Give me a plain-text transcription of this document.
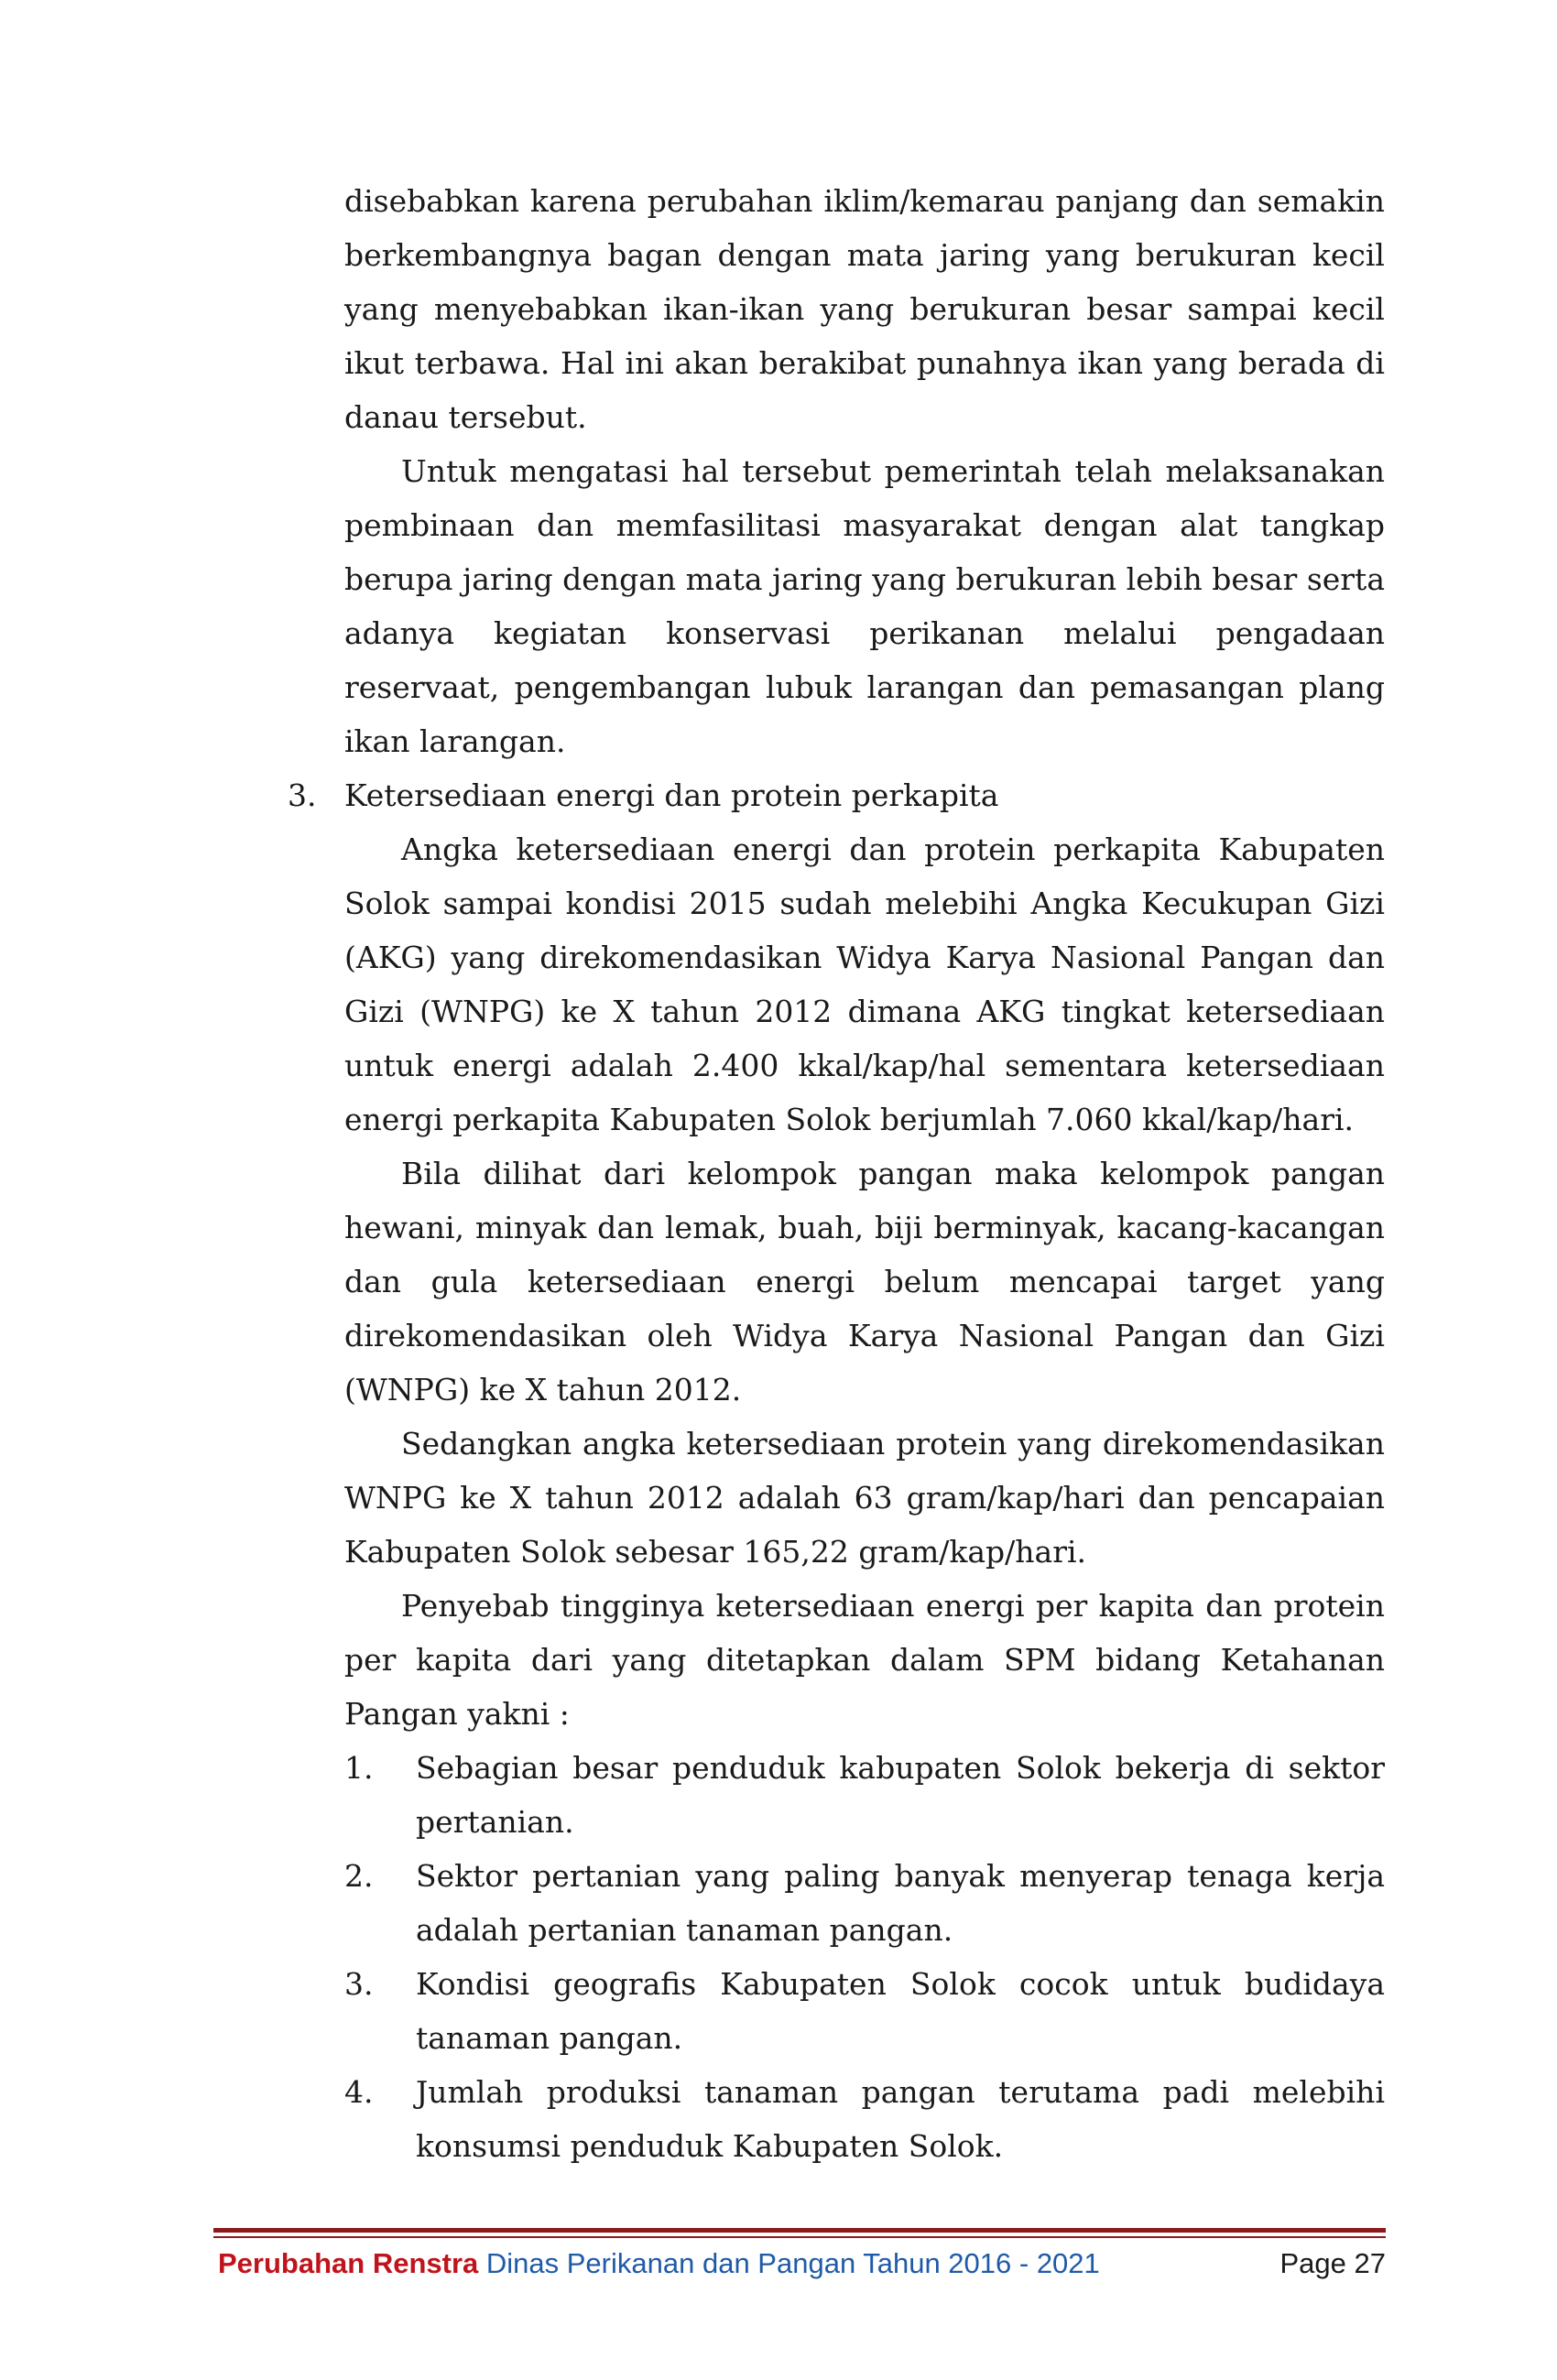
disebabkan karena perubahan iklim/kemarau panjang dan semakin berkembangnya bagan dengan mata jaring yang berukuran kecil yang menyebabkan ikan-ikan yang berukuran besar sampai kecil ikut terbawa. Hal ini akan berakibat punahnya ikan yang berada di danau tersebut.

Untuk mengatasi hal tersebut pemerintah telah melaksanakan pembinaan dan memfasilitasi masyarakat dengan alat tangkap berupa jaring dengan mata jaring yang berukuran lebih besar serta adanya kegiatan konservasi perikanan melalui pengadaan reservaat, pengembangan lubuk larangan dan pemasangan plang ikan larangan.

3. Ketersediaan energi dan protein perkapita

Angka ketersediaan energi dan protein perkapita Kabupaten Solok sampai kondisi 2015 sudah melebihi Angka Kecukupan Gizi (AKG) yang direkomendasikan Widya Karya Nasional Pangan dan Gizi (WNPG) ke X tahun 2012 dimana AKG tingkat ketersediaan untuk energi adalah 2.400 kkal/kap/hal sementara ketersediaan energi perkapita Kabupaten Solok berjumlah 7.060 kkal/kap/hari.

Bila dilihat dari kelompok pangan maka kelompok pangan hewani, minyak dan lemak, buah, biji berminyak, kacang-kacangan dan gula ketersediaan energi belum mencapai target yang direkomendasikan oleh Widya Karya Nasional Pangan dan Gizi (WNPG) ke X tahun 2012.

Sedangkan angka ketersediaan protein yang direkomendasikan WNPG ke X tahun 2012 adalah 63 gram/kap/hari dan pencapaian Kabupaten Solok sebesar 165,22 gram/kap/hari.

Penyebab tingginya ketersediaan energi per kapita dan protein per kapita dari yang ditetapkan dalam SPM bidang Ketahanan Pangan yakni :

1. Sebagian besar penduduk kabupaten Solok bekerja di sektor pertanian.
2. Sektor pertanian yang paling banyak menyerap tenaga kerja adalah pertanian tanaman pangan.
3. Kondisi geografis Kabupaten Solok cocok untuk budidaya tanaman pangan.
4. Jumlah produksi tanaman pangan terutama padi melebihi konsumsi penduduk Kabupaten Solok.
Perubahan Renstra Dinas Perikanan dan Pangan Tahun 2016 - 2021	Page 27
